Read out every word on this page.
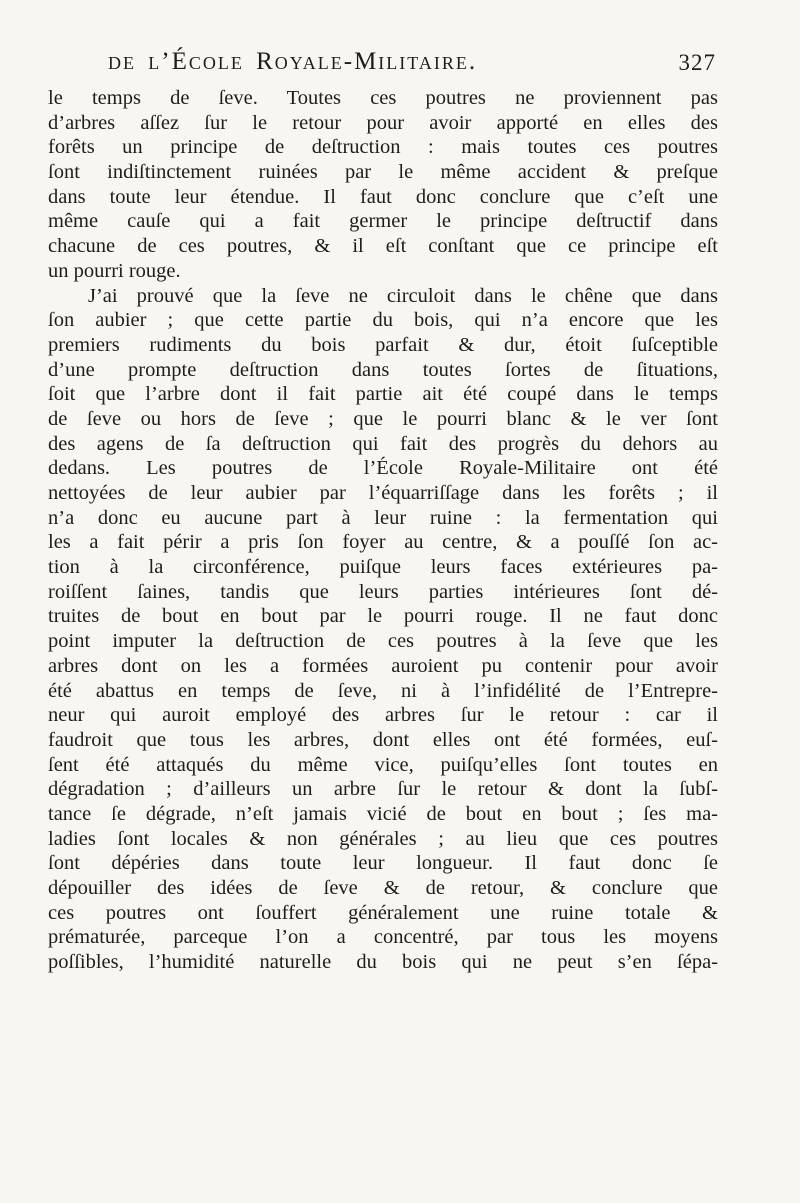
de l’École Royale-Militaire.	327
le temps de ſeve. Toutes ces poutres ne proviennent pas
d’arbres aſſez ſur le retour pour avoir apporté en elles des
forêts un principe de deſtruction : mais toutes ces poutres
ſont indiſtinctement ruinées par le même accident & preſque
dans toute leur étendue. Il faut donc conclure que c’eſt une
même cauſe qui a fait germer le principe deſtructif dans
chacune de ces poutres, & il eſt conſtant que ce principe eſt
un pourri rouge.
J’ai prouvé que la ſeve ne circuloit dans le chêne que dans
ſon aubier ; que cette partie du bois, qui n’a encore que les
premiers rudiments du bois parfait & dur, étoit ſuſceptible
d’une prompte deſtruction dans toutes ſortes de ſituations,
ſoit que l’arbre dont il fait partie ait été coupé dans le temps
de ſeve ou hors de ſeve ; que le pourri blanc & le ver ſont
des agens de ſa deſtruction qui fait des progrès du dehors au
dedans. Les poutres de l’École Royale-Militaire ont été
nettoyées de leur aubier par l’équarriſſage dans les forêts ; il
n’a donc eu aucune part à leur ruine : la fermentation qui
les a fait périr a pris ſon foyer au centre, & a pouſſé ſon ac-
tion à la circonférence, puiſque leurs faces extérieures pa-
roiſſent ſaines, tandis que leurs parties intérieures ſont dé-
truites de bout en bout par le pourri rouge. Il ne faut donc
point imputer la deſtruction de ces poutres à la ſeve que les
arbres dont on les a formées auroient pu contenir pour avoir
été abattus en temps de ſeve, ni à l’infidélité de l’Entrepre-
neur qui auroit employé des arbres ſur le retour : car il
faudroit que tous les arbres, dont elles ont été formées, euſ-
ſent été attaqués du même vice, puiſqu’elles ſont toutes en
dégradation ; d’ailleurs un arbre ſur le retour & dont la ſubſ-
tance ſe dégrade, n’eſt jamais vicié de bout en bout ; ſes ma-
ladies ſont locales & non générales ; au lieu que ces poutres
ſont dépéries dans toute leur longueur. Il faut donc ſe
dépouiller des idées de ſeve & de retour, & conclure que
ces poutres ont ſouffert généralement une ruine totale &
prématurée, parceque l’on a concentré, par tous les moyens
poſſibles, l’humidité naturelle du bois qui ne peut s’en ſépa-
